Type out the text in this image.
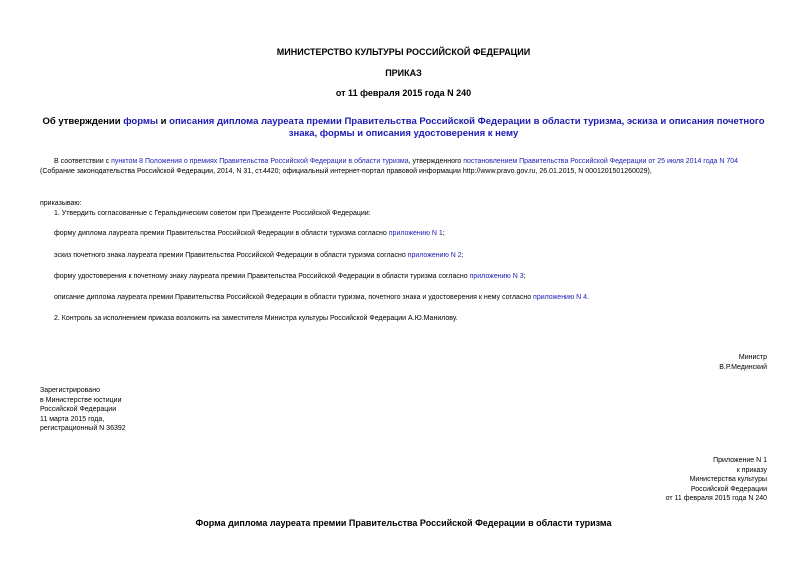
МИНИСТЕРСТВО КУЛЬТУРЫ РОССИЙСКОЙ ФЕДЕРАЦИИ
ПРИКАЗ
от 11 февраля 2015 года N 240
Об утверждении формы и описания диплома лауреата премии Правительства Российской Федерации в области туризма, эскиза и описания почетного знака, формы и описания удостоверения к нему
В соответствии с пунктом 8 Положения о премиях Правительства Российской Федерации в области туризма, утвержденного постановлением Правительства Российской Федерации от 25 июля 2014 года N 704
(Собрание законодательства Российской Федерации, 2014, N 31, ст.4420; официальный интернет-портал правовой информации http://www.pravo.gov.ru, 26.01.2015, N 0001201501260029),
приказываю:
1. Утвердить согласованные с Геральдическим советом при Президенте Российской Федерации:
форму диплома лауреата премии Правительства Российской Федерации в области туризма согласно приложению N 1;
эскиз почетного знака лауреата премии Правительства Российской Федерации в области туризма согласно приложению N 2;
форму удостоверения к почетному знаку лауреата премии Правительства Российской Федерации в области туризма согласно приложению N 3;
описание диплома лауреата премии Правительства Российской Федерации в области туризма, почетного знака и удостоверения к нему согласно приложению N 4.
2. Контроль за исполнением приказа возложить на заместителя Министра культуры Российской Федерации А.Ю.Манилову.
Министр
В.Р.Мединский
Зарегистрировано
в Министерстве юстиции
Российской Федерации
11 марта 2015 года,
регистрационный N 36392
Приложение N 1
к приказу
Министерства культуры
Российской Федерации
от 11 февраля 2015 года N 240
Форма диплома лауреата премии Правительства Российской Федерации в области туризма
